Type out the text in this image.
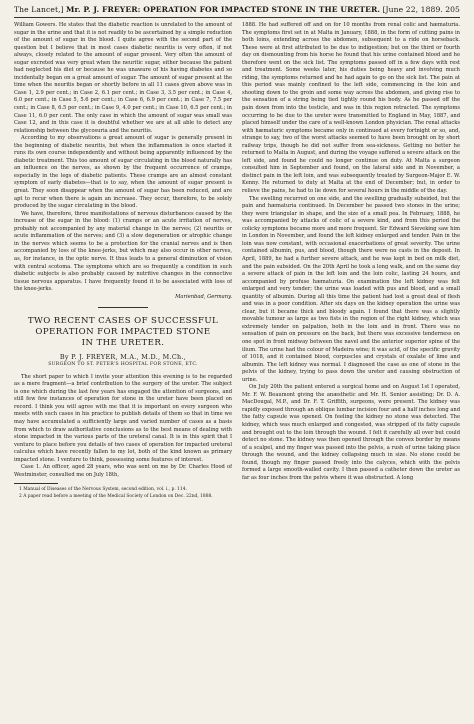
The Lancet,] Mr. P. J. FREYER: OPERATION FOR IMPACTED STONE IN THE URETER. [June 22, 1889. 205

William Gowers. He states that the diabetic reaction is unrelated to the amount of sugar in the urine and that it is not readily to be ascertained by a simple reduction of the amount of sugar in the blood. I quite agree with the second part of the question but I believe that in most cases diabetic neuritis is very often, if not always, closely related to the amount of sugar present. Very often the amount of sugar excreted was very great when the neuritic sugar, either because the patient had neglected his diet or because he was unaware of his having diabetes and so incidentally began on a great amount of sugar. The amount of sugar present at the time when the neuritis began or shortly before in all 11 cases given above was in Case 1, 2.9 per cent.; in Case 2, 6.1 per cent.; in Case 3, 3.5 per cent.; in Case 4, 6.0 per cent.; in Case 5, 5.6 per cent.; in Case 6, 6.9 per cent.; in Case 7, 7.5 per cent.; in Case 8, 6.5 per cent.; in Case 9, 4.0 per cent.; in Case 10, 6.5 per cent.; in Case 11, 6.0 per cent. The only case in which the amount of sugar was small was Case 12, and in this case it is doubtful whether we are at all able to detect any relationship between the glycosuria and the neuritis.

According to my observations a great amount of sugar is generally present in the beginning of diabetic neuritis, but when the inflammation is once started it runs its own course independently and without being apparently influenced by the diabetic treatment. This too amount of sugar circulating in the blood naturally has an influence on the nerves, as shown by the frequent occurrence of cramps, especially in the legs of diabetic patients. These cramps are an almost constant symptom of early diabetes—that is to say, when the amount of sugar present is great. They soon disappear when the amount of sugar has been reduced, and are apt to recur when there is again an increase. They occur, therefore, to be solely produced by the sugar circulating in the blood.

We have, therefore, three manifestations of nervous disturbances caused by the increase of the sugar in the blood: (1) cramps or an acute irritation of nerves, probably not accompanied by any material change in the nerves; (2) neuritis or acute inflammation of the nerves; and (3) a slow degeneration or atrophic change in the nerves which seems to be a protection for the cranial nerves and is then accompanied by loss of the knee-jerks, but which may also occur in other nerves, as, for instance, in the optic nerve. It thus leads to a general diminution of vision with central scotoma. The symptoms which are so frequently a condition in such diabetic subjects is also probably caused by nutritive changes in the connective tissue nervous apparatus. I have frequently found it to be associated with loss of the knee-jerks.

Marienbad, Germany.
TWO RECENT CASES OF SUCCESSFUL
OPERATION FOR IMPACTED STONE
IN THE URETER.
By P. J. FREYER, M.A., M.D., M.Ch.,
SURGEON TO ST. PETER'S HOSPITAL FOR STONE, ETC.

The short paper to which I invite your attention this evening is to be regarded as a mere fragment—a brief contribution to the surgery of the ureter. The subject is one which during the last few years has engaged the attention of surgeons, and still few few instances of operation for stone in the ureter have been placed on record. I think you will agree with me that it is important on every surgeon who meets with such cases in his practice to publish details of them so that in time we may have accumulated a sufficiently large and varied number of cases as a basis from which to draw authoritative conclusions as to the best means of dealing with stone impacted in the various parts of the ureteral canal. It is in this spirit that I venture to place before you details of two cases of operation for impacted ureteral calculus which have recently fallen to my lot, both of the kind known as primary impacted stone. I venture to think, possessing some features of interest.

Case 1. An officer, aged 28 years, who was sent on me by Dr. Charles Hood of Westminster, consulted me on July 18th,

1 Manual of Diseases of the Nervous System, second edition, vol. i., p. 114.
2 A paper read before a meeting of the Medical Society of London on Dec. 22nd, 1888.

1888. He had suffered off and on for 10 months from renal colic and hæmaturia. The symptoms first set in at Malta in January, 1888, in the form of cutting pains in both loins, extending across the abdomen, subsequent to a ride on horseback. These were at first attributed to be due to indigestion; but on the third or fourth day on dismounting from his horse he found that his urine contained blood and he therefore went on the sick list. The symptoms passed off in a few days with rest and treatment. Some weeks later, his duties being heavy and involving much riding, the symptoms returned and he had again to go on the sick list. The pain at this period was mainly confined to the left side, commencing in the loin and shooting down to the groin and some way across the abdomen, and giving rise to the sensation of a string being tied tightly round his body. As he passed off the pain down from into the testicle, and was in this region retracted. The symptoms occurring to be due to the ureter were transmitted to England in May, 1887, and placed himself under the care of a well-known London physician. The renal attacks with hæmaturic symptoms became only in continued at every fortnight or so, and, strange to say, two of the worst attacks seemed to have been brought on by short railway trips, though he did not suffer from sea-sickness. Getting no better he returned to Malta in August, and during the voyage suffered a severe attack on the left side, and found he could no longer continue on duty. At Malta a surgeon consulted him in September and found, on the lateral side and in November, a distinct pain in the left loin, and was subsequently treated by Surgeon-Major E. W. Kenny. He returned to duty at Malta at the end of December; but, in order to relieve the pains, he had to lie down for several hours in the middle of the day.

The swelling recurred on one side, and the swelling gradually subsided, but the pain and hæmaturia continued. In December he passed two stones in the urine; they were triangular in shape, and the size of a small pea. In February, 1888, he was accompanied by attacks of colic of a severe kind, and from this period the colicky symptoms became more and more frequent. Sir Edward Sieveking saw him in London in November, and found the left kidney enlarged and tender. Pain in the loin was now constant, with occasional exacerbations of great severity. The urine contained albumin, pus, and blood, though there were no casts in the deposit. In April, 1889, he had a further severe attack, and he was kept in bed on milk diet, and the pain subsided. On the 20th April he took a long walk, and on the same day a severe attack of pain in the left loin and the loin colic, lasting 24 hours, and accompanied by profuse hæmaturia. On examination the left kidney was felt enlarged and very tender; the urine was loaded with pus and blood, and a small quantity of albumin. During all this time the patient had lost a great deal of flesh and was in a poor condition. After six days on the kidney operation the urine was clear, but it became thick and bloody again. I found that there was a slightly movable tumour as large as two fists in the region of the right kidney, which was extremely tender on palpation, both in the loin and in front. There was no sensation of pain on pressure on the back, but there was excessive tenderness on one spot in front midway between the navel and the anterior superior spine of the ilium. The urine had the colour of Madeira wine; it was acid, of the specific gravity of 1018, and it contained blood, corpuscles and crystals of oxalate of lime and albumin. The left kidney was normal. I diagnosed the case as one of stone in the pelvis of the kidney, trying to pass down the ureter and causing obstruction of urine.

On July 20th the patient entered a surgical home and on August 1st I operated, Mr. F. W. Beaumont giving the anæsthetic and Mr. H. Senior assisting; Dr. D. A. MacDougal, M.P., and Dr. F. T. Griffith, surgeons, were present. The kidney was rapidly exposed through an oblique lumbar incision four and a half inches long and the fatty capsule was opened. On feeling the kidney no stone was detected. The kidney, which was much enlarged and congested, was stripped of its fatty capsule and brought out to the loin through the wound. I felt it carefully all over but could detect no stone. The kidney was then opened through the convex border by means of a scalpel, and my finger was passed into the pelvis, a rush of urine taking place through the wound, and the kidney collapsing much in size. No stone could be found, though my finger passed freely into the calyces, which with the pelvis formed a large smooth-walled cavity. I then passed a catheter down the ureter as far as four inches from the pelvis where it was obstructed. A long
